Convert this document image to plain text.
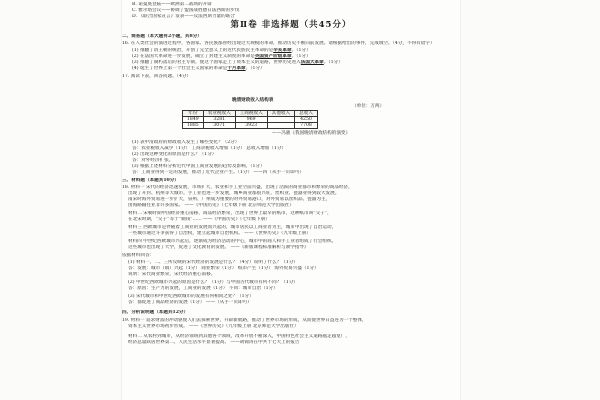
B. 诺曼底登陆——欧洲第二战场的开辟
C. 雅尔塔会议——协调了盟国战胜德日法西斯的步伐
D. 《联合国家宣言》发表——反法西斯力量的联合
第Ⅱ卷 非选择题（共45分）
二、简答题（本大题有2小题，共8分）
16. 在人类社会的演进过程中，各国家、各民族都曾经出现过大规模的革命，推动历史不断向前发展。请根据给出的事件，完成填空。（4分，不得有错字）
(1) 推翻了清王朝的统治，开创了完全意义上的近代民族民主革命的是辛亥革命。（1分）
(2) 在法国大革命进一步发展，确立了封建主义制度的革命是英国资产阶级革命。（1分）
(3) 推翻了腐朽落后的君主专制，使这个国家走上了资本主义的道路，世界历史进入法国大革命。（1分）
(4) 诞生了世界上第一个社会主义国家的革命是十月革命。（1分）
17. 阅读下表，回答问题。（4分）
晚清财政收入结构表
（单位：万两）
年份	农业税收入	工商税收入	其他收入	总收入
1849	3281	969		4250
1885	3071	3923		7708
——冯骏《我国晚清财政结构的演变》
(1) 表中清政府的财政收入发生了哪些变化？（2分）
答：农业税收入减少（1分） 工商杂税收入增加（1分） 总收入增加（1分）
(2) 出现这种变化的原因是什么？（1分）
答：对外经济扩张。
(3) 根据上述材料分析近代中国工商业发展的趋势及影响。（1分）
答：工商业得到一定的发展，推动了近代企业产生。（1分） ——四（从手一页即可）
三、材料题（本题共10分）
18. 材料一 宋代的经济迅速发展，市场扩大，农业和手工业空前兴盛，出现了活跃的商业都市和繁荣的商品经济，
出现了开封、杭州等大城市。手工业也进一步发展，城乡商业都很兴旺，丝织业、瓷器业得到较大发展。
南宋时海外贸易进一步扩大，泉州、广州成为重要的对外贸易港口，对外贸易以丝织品、瓷器为主，
由海路输往亚非许多国家。 ——《中国历史》（七年级下册 北京师范大学出版社）
材料二 宋朝时期中国经济重心南移，商品经济繁荣，出现了世界上最早的纸币，这种纸币叫“交子”，
在北宋时期，“交子”等于“铜钱”…… ——《中国历史》（七年级下册）
材料三 西欧城市是伴随着工商业的发展而兴起的，城市居民以工商业者为主，城市中出现了自治运动，
一些城市通过斗争获得了自治权，建立起城市自治机构。 ——《世界历史》（九年级上册）
材料四 中世纪西欧城市兴起后，逐渐成为经济活动的中心，城市中的商人和手工业者组成了行会组织。
这些城市也出现了大学，促进了文化教育的发展。 ——《新版课程标准解析与教学指导》
依据材料回答：
(1) 材料一、二、三所反映的宋代经济的发展是什么？（4分）说明了什么？（1分）
答：发展：城市（镇）兴起（1分） 商业繁荣（1分） 纸币产生（1分） 海外贸易兴盛（1分）
说明：宋代商业繁荣，宋代经济重心南移。
(2) 中世纪西欧城市兴起的原因是什么？（1分）与中国古代城市有何不同？（1分）
答：原因：生产力的发展，工商业的发展（1分） 不同：城市自治（1分）
(3) 宋代城市和中世纪西欧城市的发展有何相同之处？（1分）
答：都促进了商品经济的发展（1分） ——（从手一页即可）
四、分析说明题（本题共12分）
19. 材料一 追求财富的冲动驱使人们去探索世界，开辟新航路，推动了世界市场的形成，从而使世界日益连为一个整体，
资本主义世界市场初步形成。 ——《世界历史》（九年级上册 北京师范大学出版社）
材料二 从农村到城市，从经济领域到其他各个领域，改革开放不断深入，中国特色社会主义道路越走越宽广，
经济总量跃居世界第二，人民生活水平显著提高。 ——胡锦涛在中共十七大上的报告
